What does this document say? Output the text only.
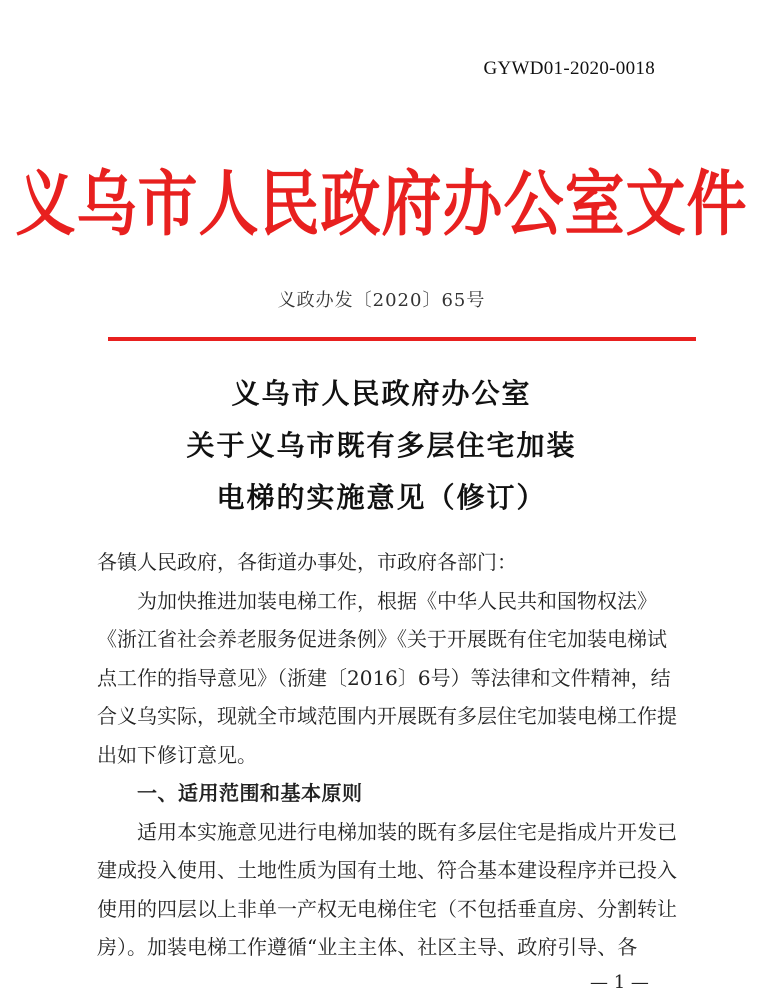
GYWD01-2020-0018
义乌市人民政府办公室文件
义政办发〔2020〕65号
义乌市人民政府办公室
关于义乌市既有多层住宅加装
电梯的实施意见（修订）

各镇人民政府，各街道办事处，市政府各部门：

为加快推进加装电梯工作，根据《中华人民共和国物权法》《浙江省社会养老服务促进条例》《关于开展既有住宅加装电梯试点工作的指导意见》（浙建〔2016〕6号）等法律和文件精神，结合义乌实际，现就全市域范围内开展既有多层住宅加装电梯工作提出如下修订意见。

一、适用范围和基本原则

适用本实施意见进行电梯加装的既有多层住宅是指成片开发已建成投入使用、土地性质为国有土地、符合基本建设程序并已投入使用的四层以上非单一产权无电梯住宅（不包括垂直房、分割转让房）。加装电梯工作遵循“业主主体、社区主导、政府引导、各

— 1 —
